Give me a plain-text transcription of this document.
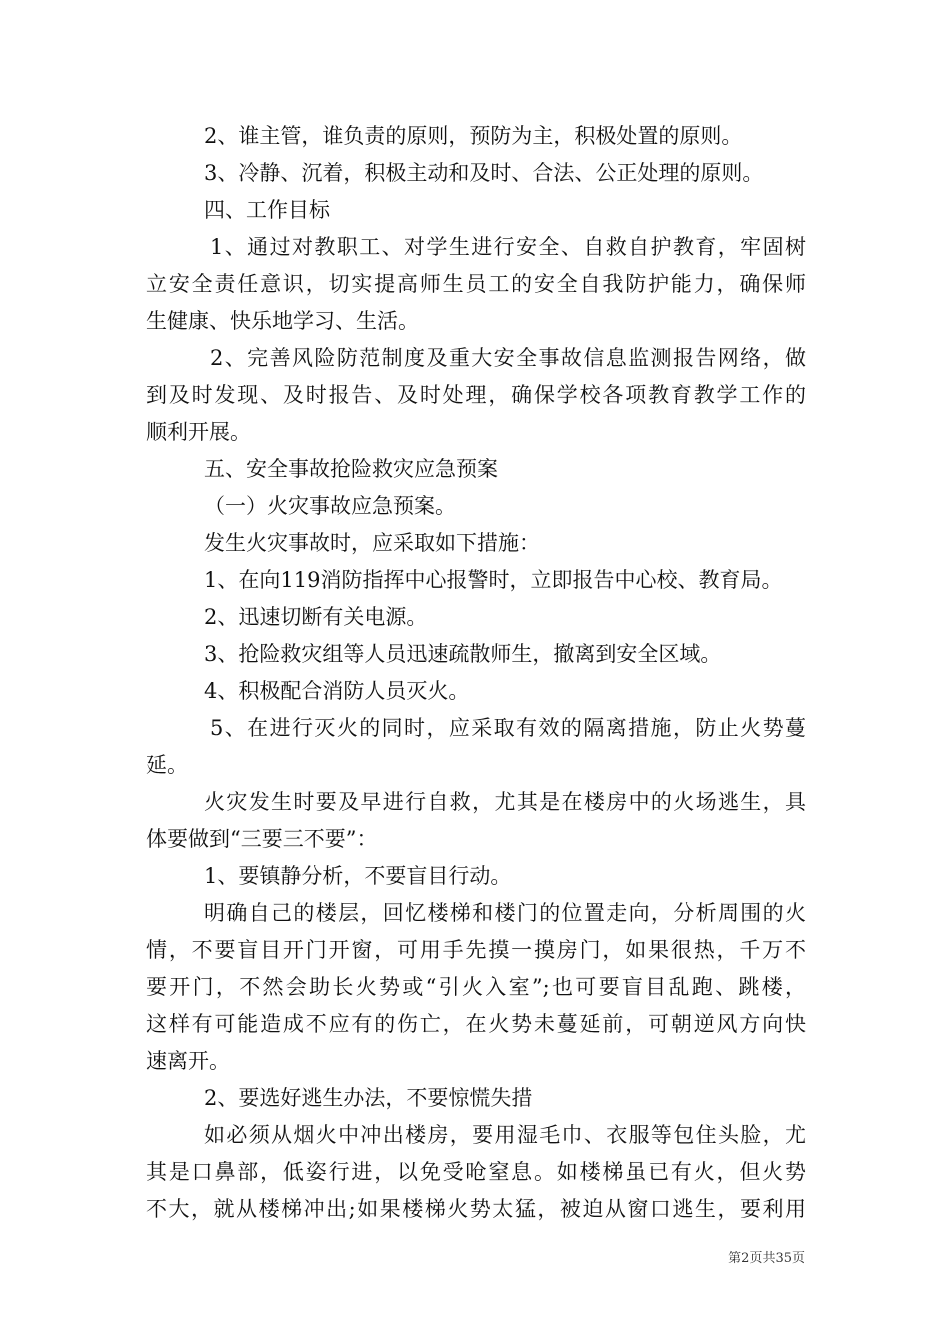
2、谁主管，谁负责的原则，预防为主，积极处置的原则。
3、冷静、沉着，积极主动和及时、合法、公正处理的原则。
四、工作目标
1、通过对教职工、对学生进行安全、自救自护教育，牢固树
立安全责任意识，切实提高师生员工的安全自我防护能力，确保师
生健康、快乐地学习、生活。
2、完善风险防范制度及重大安全事故信息监测报告网络，做
到及时发现、及时报告、及时处理，确保学校各项教育教学工作的
顺利开展。
五、安全事故抢险救灾应急预案
（一）火灾事故应急预案。
发生火灾事故时，应采取如下措施：
1、在向119消防指挥中心报警时，立即报告中心校、教育局。
2、迅速切断有关电源。
3、抢险救灾组等人员迅速疏散师生，撤离到安全区域。
4、积极配合消防人员灭火。
5、在进行灭火的同时，应采取有效的隔离措施，防止火势蔓
延。
火灾发生时要及早进行自救，尤其是在楼房中的火场逃生，具
体要做到“三要三不要”：
1、要镇静分析，不要盲目行动。
明确自己的楼层，回忆楼梯和楼门的位置走向，分析周围的火
情，不要盲目开门开窗，可用手先摸一摸房门，如果很热，千万不
要开门，不然会助长火势或“引火入室”;也可要盲目乱跑、跳楼，
这样有可能造成不应有的伤亡，在火势未蔓延前，可朝逆风方向快
速离开。
2、要选好逃生办法，不要惊慌失措
如必须从烟火中冲出楼房，要用湿毛巾、衣服等包住头脸，尤
其是口鼻部，低姿行进，以免受呛窒息。如楼梯虽已有火，但火势
不大，就从楼梯冲出;如果楼梯火势太猛，被迫从窗口逃生，要利用
第2页共35页
